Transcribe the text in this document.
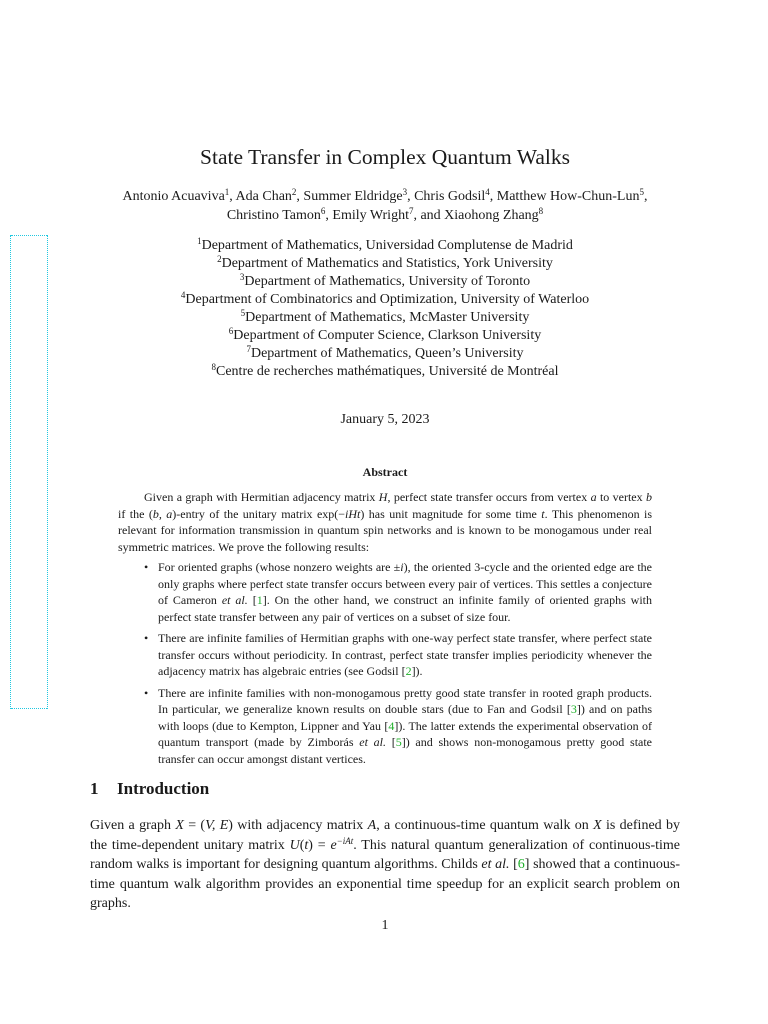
State Transfer in Complex Quantum Walks
Antonio Acuaviva$^1$, Ada Chan$^2$, Summer Eldridge$^3$, Chris Godsil$^4$, Matthew How-Chun-Lun$^5$,
Christino Tamon$^6$, Emily Wright$^7$, and Xiaohong Zhang$^8$
$^1$Department of Mathematics, Universidad Complutense de Madrid
$^2$Department of Mathematics and Statistics, York University
$^3$Department of Mathematics, University of Toronto
$^4$Department of Combinatorics and Optimization, University of Waterloo
$^5$Department of Mathematics, McMaster University
$^6$Department of Computer Science, Clarkson University
$^7$Department of Mathematics, Queen’s University
$^8$Centre de recherches mathématiques, Université de Montréal
January 5, 2023
Abstract

Given a graph with Hermitian adjacency matrix H, perfect state transfer occurs from vertex a to vertex b if the (b, a)-entry of the unitary matrix exp(−iHt) has unit magnitude for some time t. This phenomenon is relevant for information transmission in quantum spin networks and is known to be monogamous under real symmetric matrices. We prove the following results:

• For oriented graphs (whose nonzero weights are ±i), the oriented 3-cycle and the oriented edge are the only graphs where perfect state transfer occurs between every pair of vertices. This settles a conjecture of Cameron et al. [1]. On the other hand, we construct an infinite family of oriented graphs with perfect state transfer between any pair of vertices on a subset of size four.
• There are infinite families of Hermitian graphs with one-way perfect state transfer, where perfect state transfer occurs without periodicity. In contrast, perfect state transfer implies periodicity whenever the adjacency matrix has algebraic entries (see Godsil [2]).
• There are infinite families with non-monogamous pretty good state transfer in rooted graph products. In particular, we generalize known results on double stars (due to Fan and Godsil [3]) and on paths with loops (due to Kempton, Lippner and Yau [4]). The latter extends the experimental observation of quantum transport (made by Zimborás et al. [5]) and shows non-monogamous pretty good state transfer can occur amongst distant vertices.
1 Introduction
Given a graph X = (V, E) with adjacency matrix A, a continuous-time quantum walk on X is defined by the time-dependent unitary matrix $U(t) = e^{-iAt}$. This natural quantum generalization of continuous-time random walks is important for designing quantum algorithms. Childs et al. [6] showed that a continuous-time quantum walk algorithm provides an exponential time speedup for an explicit search problem on graphs.
1
